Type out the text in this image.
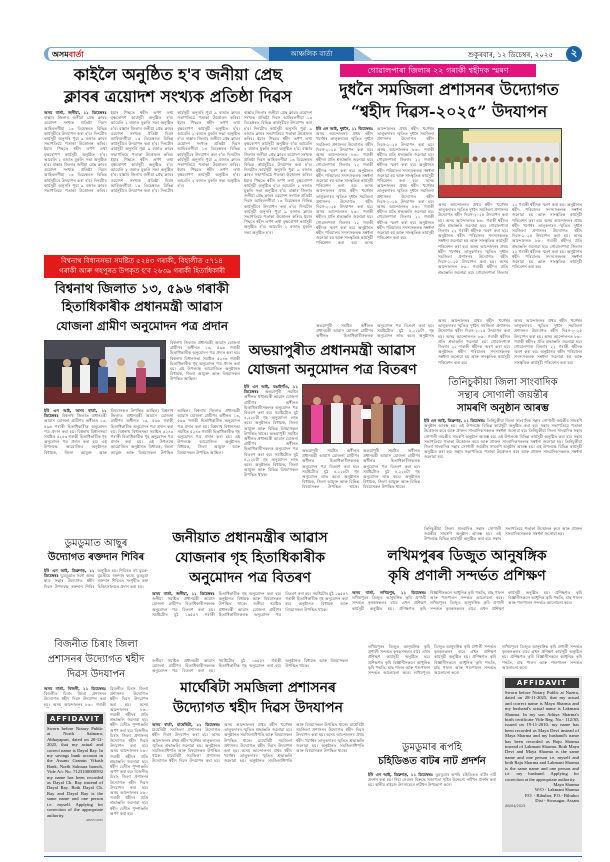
অসমবাৰ্তা	আঞ্চলিক বাৰ্তা	শুকুৰবাৰ, ১২ ডিচেম্বৰ, ২০২৫	২
কাইলৈ অনুষ্ঠিত হ'ব জনীয়া প্ৰেছ
ক্লাবৰ ত্ৰয়োদশ সংখ্যক প্ৰতিষ্ঠা দিৱস
অসম বাৰ্তা, জনীয়া, ১১ ডিচেম্বৰঃ বাক্সাৰ জিলাৰ জনীয়া প্ৰেছ ক্লাবৰ ত্ৰয়োদশ সংখ্যক প্ৰতিষ্ঠা দিৱস আহিবলগীয়া ১৩ ডিচেম্বৰত বিভিন্ন কাৰ্যসূচীৰে উদযাপন কৰা হ'ব। দিনটোৰ কাৰ্যসূচী অনুসৰি পুৱা ৯ বজাত ক্লাবৰ সভাপতিয়ে পতাকা উত্তোলন কৰিব। ইয়াৰ পিছতে শ্বহীদ তৰ্পণ তথা বৃক্ষৰোপণ কাৰ্যসূচী অনুষ্ঠিত হ'ব। আবেলি ২ বজাত মুকলি সভা অনুষ্ঠিত হ'ব। বাক্সাৰ জিলাৰ জনীয়া প্ৰেছ ক্লাবৰ ত্ৰয়োদশ সংখ্যক প্ৰতিষ্ঠা দিৱস আহিবলগীয়া ১৩ ডিচেম্বৰত বিভিন্ন কাৰ্যসূচীৰে উদযাপন কৰা হ'ব। দিনটোৰ কাৰ্যসূচী অনুসৰি পুৱা ৯ বজাত ক্লাবৰ সভাপতিয়ে পতাকা উত্তোলন কৰিব। ইয়াৰ পিছতে শ্বহীদ তৰ্পণ তথা বৃক্ষৰোপণ কাৰ্যসূচী অনুষ্ঠিত হ'ব। আবেলি ২ বজাত মুকলি সভা অনুষ্ঠিত হ'ব। বাক্সাৰ জিলাৰ জনীয়া প্ৰেছ ক্লাবৰ ত্ৰয়োদশ সংখ্যক প্ৰতিষ্ঠা দিৱস আহিবলগীয়া ১৩ ডিচেম্বৰত বিভিন্ন কাৰ্যসূচীৰে উদযাপন কৰা হ'ব। দিনটোৰ কাৰ্যসূচী অনুসৰি পুৱা ৯ বজাত ক্লাবৰ সভাপতিয়ে পতাকা উত্তোলন কৰিব। ইয়াৰ পিছতে শ্বহীদ তৰ্পণ তথা বৃক্ষৰোপণ কাৰ্যসূচী অনুষ্ঠিত হ'ব। আবেলি ২ বজাত মুকলি সভা অনুষ্ঠিত হ'ব। বাক্সাৰ জিলাৰ জনীয়া প্ৰেছ ক্লাবৰ ত্ৰয়োদশ সংখ্যক প্ৰতিষ্ঠা দিৱস আহিবলগীয়া ১৩ ডিচেম্বৰত বিভিন্ন কাৰ্যসূচীৰে উদযাপন কৰা হ'ব। দিনটোৰ কাৰ্যসূচী অনুসৰি পুৱা ৯ বজাত ক্লাবৰ সভাপতিয়ে পতাকা উত্তোলন কৰিব। ইয়াৰ পিছতে শ্বহীদ তৰ্পণ তথা বৃক্ষৰোপণ কাৰ্যসূচী অনুষ্ঠিত হ'ব। আবেলি ২ বজাত মুকলি সভা অনুষ্ঠিত হ'ব। বাক্সাৰ জিলাৰ জনীয়া প্ৰেছ ক্লাবৰ ত্ৰয়োদশ সংখ্যক প্ৰতিষ্ঠা দিৱস আহিবলগীয়া ১৩ ডিচেম্বৰত বিভিন্ন কাৰ্যসূচীৰে উদযাপন কৰা হ'ব। দিনটোৰ কাৰ্যসূচী অনুসৰি পুৱা ৯ বজাত ক্লাবৰ সভাপতিয়ে পতাকা উত্তোলন কৰিব। ইয়াৰ পিছতে শ্বহীদ তৰ্পণ তথা বৃক্ষৰোপণ কাৰ্যসূচী অনুষ্ঠিত হ'ব। আবেলি ২ বজাত মুকলি সভা অনুষ্ঠিত হ'ব।
বাক্সাৰ জিলাৰ জনীয়া প্ৰেছ ক্লাবৰ ত্ৰয়োদশ সংখ্যক প্ৰতিষ্ঠা দিৱস আহিবলগীয়া ১৩ ডিচেম্বৰত বিভিন্ন কাৰ্যসূচীৰে উদযাপন কৰা হ'ব। দিনটোৰ কাৰ্যসূচী অনুসৰি পুৱা ৯ বজাত ক্লাবৰ সভাপতিয়ে পতাকা উত্তোলন কৰিব। ইয়াৰ পিছতে শ্বহীদ তৰ্পণ তথা বৃক্ষৰোপণ কাৰ্যসূচী অনুষ্ঠিত হ'ব। আবেলি ২ বজাত মুকলি সভা অনুষ্ঠিত হ'ব। বাক্সাৰ জিলাৰ জনীয়া প্ৰেছ ক্লাবৰ ত্ৰয়োদশ সংখ্যক প্ৰতিষ্ঠা দিৱস আহিবলগীয়া ১৩ ডিচেম্বৰত বিভিন্ন কাৰ্যসূচীৰে উদযাপন কৰা হ'ব। দিনটোৰ কাৰ্যসূচী অনুসৰি পুৱা ৯ বজাত ক্লাবৰ সভাপতিয়ে পতাকা উত্তোলন কৰিব। ইয়াৰ পিছতে শ্বহীদ তৰ্পণ তথা বৃক্ষৰোপণ কাৰ্যসূচী অনুষ্ঠিত হ'ব। আবেলি ২ বজাত মুকলি সভা অনুষ্ঠিত হ'ব। বাক্সাৰ জিলাৰ জনীয়া প্ৰেছ ক্লাবৰ ত্ৰয়োদশ সংখ্যক প্ৰতিষ্ঠা দিৱস আহিবলগীয়া ১৩ ডিচেম্বৰত বিভিন্ন কাৰ্যসূচীৰে উদযাপন কৰা হ'ব। দিনটোৰ কাৰ্যসূচী অনুসৰি পুৱা ৯ বজাত ক্লাবৰ সভাপতিয়ে পতাকা উত্তোলন কৰিব। ইয়াৰ পিছতে শ্বহীদ তৰ্পণ তথা বৃক্ষৰোপণ কাৰ্যসূচী অনুষ্ঠিত হ'ব। আবেলি ২ বজাত মুকলি সভা অনুষ্ঠিত হ'ব।
বিশ্বনাথ বিধানসভা সমষ্টিত ৫২৪৩ গৰাকী, বিহালীত ৫৭১৪
গৰাকী আৰু গহপুৰত উপকৃত হ'ব ২৬৩৯ গৰাকী হিতাধিকাৰী
বিশ্বনাথ জিলাত ১৩, ৫৯৬ গৰাকী
হিতাধিকাৰীক প্ৰধানমন্ত্ৰী আৱাস
যোজনা গ্ৰামীণ অনুমোদন পত্ৰ প্ৰদান
বিশ্বনাথ জিলাত প্ৰধানমন্ত্ৰী আৱাস যোজনা গ্ৰামীণৰ অধীনত ১৩, ৫৯৬ গৰাকী হিতাধিকাৰীক অনুমোদন পত্ৰ প্ৰদান কৰা হয়। বিশ্বনাথ বিধানসভা সমষ্টিত ৫২৪৩ গৰাকী হিতাধিকাৰীক গৃহ অনুমোদন পত্ৰ প্ৰদান কৰা হয়। এই উপলক্ষে আয়োজিত অনুষ্ঠানত বিধায়ক, জিলা আয়ুক্ত আৰু বিষয়াসকল উপস্থিত আছিল।
ইউ এন আই, অসম বাৰ্তা, ১১ ডিচেম্বৰঃ বিশ্বনাথ জিলাত প্ৰধানমন্ত্ৰী আৱাস যোজনা গ্ৰামীণৰ অধীনত ১৩, ৫৯৬ গৰাকী হিতাধিকাৰীক অনুমোদন পত্ৰ প্ৰদান কৰা হয়। বিশ্বনাথ বিধানসভা সমষ্টিত ৫২৪৩ গৰাকী হিতাধিকাৰীক গৃহ অনুমোদন পত্ৰ প্ৰদান কৰা হয়। এই উপলক্ষে আয়োজিত অনুষ্ঠানত বিধায়ক, জিলা আয়ুক্ত আৰু বিষয়াসকল উপস্থিত আছিল। বিশ্বনাথ জিলাত প্ৰধানমন্ত্ৰী আৱাস যোজনা গ্ৰামীণৰ অধীনত ১৩, ৫৯৬ গৰাকী হিতাধিকাৰীক অনুমোদন পত্ৰ প্ৰদান কৰা হয়। বিশ্বনাথ বিধানসভা সমষ্টিত ৫২৪৩ গৰাকী হিতাধিকাৰীক গৃহ অনুমোদন পত্ৰ প্ৰদান কৰা হয়। এই উপলক্ষে আয়োজিত অনুষ্ঠানত বিধায়ক, জিলা আয়ুক্ত আৰু বিষয়াসকল উপস্থিত আছিল। বিশ্বনাথ জিলাত প্ৰধানমন্ত্ৰী আৱাস যোজনা গ্ৰামীণৰ অধীনত ১৩, ৫৯৬ গৰাকী হিতাধিকাৰীক অনুমোদন পত্ৰ প্ৰদান কৰা হয়। বিশ্বনাথ বিধানসভা সমষ্টিত ৫২৪৩ গৰাকী হিতাধিকাৰীক গৃহ অনুমোদন পত্ৰ প্ৰদান কৰা হয়। এই উপলক্ষে আয়োজিত অনুষ্ঠানত বিধায়ক, জিলা আয়ুক্ত আৰু বিষয়াসকল উপস্থিত আছিল।
গোৱালপাৰা জিলাৰ ২২ গৰাকী শ্বহীদক স্মৰণ
দুধনৈ সমজিলা প্ৰশাসনৰ উদ্যোগত
“শ্বহীদ দিৱস-২০২৫” উদযাপন
ইউ এন আই, দুধনৈ, ১১ ডিচেম্বৰঃ অসম আন্দোলনৰ প্ৰথম শ্বহীদ খৰ্গেশ্বৰ তালুকদাৰৰ স্মৃতিত দুধনৈ সমজিলা প্ৰশাসনৰ উদ্যোগত শ্বহীদ দিৱস-২০২৫ উদযাপন কৰা হয়। অসম আন্দোলনত ৮৬০ গৰাকী শ্বহীদৰ প্ৰতি শ্ৰদ্ধাঞ্জলি জনোৱা হয়। গোৱালপাৰা জিলাৰ ২২ গৰাকী শ্বহীদক স্মৰণ কৰা হয়। অনুষ্ঠানত শ্বহীদ পৰিয়ালৰ সদস্যসকলক সম্বৰ্ধনা জনোৱা হয় আৰু সাংস্কৃতিক কাৰ্যসূচী পৰিবেশন কৰা হয়। অসম আন্দোলনৰ প্ৰথম শ্বহীদ খৰ্গেশ্বৰ তালুকদাৰৰ স্মৃতিত দুধনৈ সমজিলা প্ৰশাসনৰ উদ্যোগত শ্বহীদ দিৱস-২০২৫ উদযাপন কৰা হয়। অসম আন্দোলনত ৮৬০ গৰাকী শ্বহীদৰ প্ৰতি শ্ৰদ্ধাঞ্জলি জনোৱা হয়। গোৱালপাৰা জিলাৰ ২২ গৰাকী শ্বহীদক স্মৰণ কৰা হয়। অনুষ্ঠানত শ্বহীদ পৰিয়ালৰ সদস্যসকলক সম্বৰ্ধনা জনোৱা হয় আৰু সাংস্কৃতিক কাৰ্যসূচী পৰিবেশন কৰা হয়। অসম আন্দোলনৰ প্ৰথম শ্বহীদ খৰ্গেশ্বৰ তালুকদাৰৰ স্মৃতিত দুধনৈ সমজিলা প্ৰশাসনৰ উদ্যোগত শ্বহীদ দিৱস-২০২৫ উদযাপন কৰা হয়। অসম আন্দোলনত ৮৬০ গৰাকী শ্বহীদৰ প্ৰতি শ্ৰদ্ধাঞ্জলি জনোৱা হয়। গোৱালপাৰা জিলাৰ ২২ গৰাকী শ্বহীদক স্মৰণ কৰা হয়। অনুষ্ঠানত শ্বহীদ পৰিয়ালৰ সদস্যসকলক সম্বৰ্ধনা জনোৱা হয় আৰু সাংস্কৃতিক কাৰ্যসূচী পৰিবেশন কৰা হয়। অসম আন্দোলনৰ প্ৰথম শ্বহীদ খৰ্গেশ্বৰ তালুকদাৰৰ স্মৃতিত দুধনৈ সমজিলা প্ৰশাসনৰ উদ্যোগত শ্বহীদ দিৱস-২০২৫ উদযাপন কৰা হয়। অসম আন্দোলনত ৮৬০ গৰাকী শ্বহীদৰ প্ৰতি শ্ৰদ্ধাঞ্জলি জনোৱা হয়। গোৱালপাৰা জিলাৰ ২২ গৰাকী শ্বহীদক স্মৰণ কৰা হয়। অনুষ্ঠানত শ্বহীদ পৰিয়ালৰ সদস্যসকলক সম্বৰ্ধনা জনোৱা হয় আৰু সাংস্কৃতিক কাৰ্যসূচী পৰিবেশন কৰা হয়।
অসম আন্দোলনৰ প্ৰথম শ্বহীদ খৰ্গেশ্বৰ তালুকদাৰৰ স্মৃতিত দুধনৈ সমজিলা প্ৰশাসনৰ উদ্যোগত শ্বহীদ দিৱস-২০২৫ উদযাপন কৰা হয়। অসম আন্দোলনত ৮৬০ গৰাকী শ্বহীদৰ প্ৰতি শ্ৰদ্ধাঞ্জলি জনোৱা হয়। গোৱালপাৰা জিলাৰ ২২ গৰাকী শ্বহীদক স্মৰণ কৰা হয়। অনুষ্ঠানত শ্বহীদ পৰিয়ালৰ সদস্যসকলক সম্বৰ্ধনা জনোৱা হয় আৰু সাংস্কৃতিক কাৰ্যসূচী পৰিবেশন কৰা হয়। অসম আন্দোলনৰ প্ৰথম শ্বহীদ খৰ্গেশ্বৰ তালুকদাৰৰ স্মৃতিত দুধনৈ সমজিলা প্ৰশাসনৰ উদ্যোগত শ্বহীদ দিৱস-২০২৫ উদযাপন কৰা হয়। অসম আন্দোলনত ৮৬০ গৰাকী শ্বহীদৰ প্ৰতি শ্ৰদ্ধাঞ্জলি জনোৱা হয়। গোৱালপাৰা জিলাৰ ২২ গৰাকী শ্বহীদক স্মৰণ কৰা হয়। অনুষ্ঠানত শ্বহীদ পৰিয়ালৰ সদস্যসকলক সম্বৰ্ধনা জনোৱা হয় আৰু সাংস্কৃতিক কাৰ্যসূচী পৰিবেশন কৰা হয়। অসম আন্দোলনৰ প্ৰথম শ্বহীদ খৰ্গেশ্বৰ তালুকদাৰৰ স্মৃতিত দুধনৈ সমজিলা প্ৰশাসনৰ উদ্যোগত শ্বহীদ দিৱস-২০২৫ উদযাপন কৰা হয়। অসম আন্দোলনত ৮৬০ গৰাকী শ্বহীদৰ প্ৰতি শ্ৰদ্ধাঞ্জলি জনোৱা হয়। গোৱালপাৰা জিলাৰ ২২ গৰাকী শ্বহীদক স্মৰণ কৰা হয়। অনুষ্ঠানত শ্বহীদ পৰিয়ালৰ সদস্যসকলক সম্বৰ্ধনা জনোৱা হয় আৰু সাংস্কৃতিক কাৰ্যসূচী পৰিবেশন কৰা হয়।
অসম আন্দোলনৰ প্ৰথম শ্বহীদ খৰ্গেশ্বৰ তালুকদাৰৰ স্মৃতিত দুধনৈ সমজিলা প্ৰশাসনৰ উদ্যোগত শ্বহীদ দিৱস-২০২৫ উদযাপন কৰা হয়। অসম আন্দোলনত ৮৬০ গৰাকী শ্বহীদৰ প্ৰতি শ্ৰদ্ধাঞ্জলি জনোৱা হয়। গোৱালপাৰা জিলাৰ ২২ গৰাকী শ্বহীদক স্মৰণ কৰা হয়। অনুষ্ঠানত শ্বহীদ পৰিয়ালৰ সদস্যসকলক সম্বৰ্ধনা জনোৱা হয় আৰু সাংস্কৃতিক কাৰ্যসূচী পৰিবেশন কৰা হয়।
অসম আন্দোলনৰ প্ৰথম শ্বহীদ খৰ্গেশ্বৰ তালুকদাৰৰ স্মৃতিত দুধনৈ সমজিলা প্ৰশাসনৰ উদ্যোগত শ্বহীদ দিৱস-২০২৫ উদযাপন কৰা হয়। অসম আন্দোলনত ৮৬০ গৰাকী শ্বহীদৰ প্ৰতি শ্ৰদ্ধাঞ্জলি জনোৱা হয়। গোৱালপাৰা জিলাৰ ২২ গৰাকী শ্বহীদক স্মৰণ কৰা হয়। অনুষ্ঠানত শ্বহীদ পৰিয়ালৰ সদস্যসকলক সম্বৰ্ধনা জনোৱা হয় আৰু সাংস্কৃতিক কাৰ্যসূচী পৰিবেশন কৰা হয়।
অভয়াপুৰী সমষ্টিৰ অধীনত প্ৰধানমন্ত্ৰী আৱাস যোজনা গ্ৰামীণৰ অধীনত হিতাধিকাৰীসকলক অনুমোদন পত্ৰ বিতৰণ কৰা হয়। সমষ্টিটোত মুঠ ৪,২২৮টা গৃহ অনুমোদন লাভ কৰে। অনুষ্ঠানত
অভয়াপুৰীত প্ৰধানমন্ত্ৰী আৱাস
যোজনা অনুমোদন পত্ৰ বিতৰণ
ইউ এন আই, বঙাইগাঁও, ১১ ডিচেম্বৰঃ অভয়াপুৰী সমষ্টিৰ অধীনত প্ৰধানমন্ত্ৰী আৱাস যোজনা গ্ৰামীণৰ অধীনত হিতাধিকাৰীসকলক অনুমোদন পত্ৰ বিতৰণ কৰা হয়। সমষ্টিটোত মুঠ ৪,২২৮টা গৃহ অনুমোদন লাভ কৰে। অনুষ্ঠানত বিধায়ক, জিলা আয়ুক্ত আৰু বিভিন্ন বিষয়াসকল উপস্থিত থাকে। অভয়াপুৰী সমষ্টিৰ অধীনত প্ৰধানমন্ত্ৰী আৱাস যোজনা গ্ৰামীণৰ অধীনত হিতাধিকাৰীসকলক অনুমোদন পত্ৰ বিতৰণ কৰা হয়। সমষ্টিটোত মুঠ ৪,২২৮টা গৃহ অনুমোদন লাভ কৰে। অনুষ্ঠানত বিধায়ক, জিলা আয়ুক্ত আৰু বিভিন্ন বিষয়াসকল উপস্থিত থাকে।
অভয়াপুৰী সমষ্টিৰ অধীনত প্ৰধানমন্ত্ৰী আৱাস যোজনা গ্ৰামীণৰ অধীনত হিতাধিকাৰীসকলক অনুমোদন পত্ৰ বিতৰণ কৰা হয়। সমষ্টিটোত মুঠ ৪,২২৮টা গৃহ অনুমোদন লাভ কৰে। অনুষ্ঠানত বিধায়ক, জিলা আয়ুক্ত আৰু বিভিন্ন বিষয়াসকল উপস্থিত থাকে। অভয়াপুৰী সমষ্টিৰ অধীনত প্ৰধানমন্ত্ৰী আৱাস যোজনা গ্ৰামীণৰ অধীনত হিতাধিকাৰীসকলক অনুমোদন পত্ৰ বিতৰণ কৰা হয়। সমষ্টিটোত মুঠ ৪,২২৮টা গৃহ অনুমোদন লাভ কৰে। অনুষ্ঠানত বিধায়ক, জিলা আয়ুক্ত আৰু বিভিন্ন বিষয়াসকল উপস্থিত থাকে।
তিনিচুকীয়া জিলা সাংবাদিক
সন্থাৰ সোণালী জয়ন্তীৰ
সামৰণি অনুষ্ঠান আৰম্ভ
ইউ এন আই, ডিব্ৰুগড়, ১১ ডিচেম্বৰঃ তিনিচুকীয়া জিলা সাংবাদিক সন্থাৰ সোণালী জয়ন্তীৰ সামৰণি অনুষ্ঠান আৰম্ভ হয়। এই উপলক্ষে বিভিন্ন কাৰ্যসূচী অনুষ্ঠিত কৰা হয়। সন্থাৰ সভাপতিয়ে পতাকা উত্তোলন কৰে আৰু প্ৰাক্তন সাংবাদিকসকলক সম্বৰ্ধনা জনোৱা হয়। তিনিচুকীয়া জিলা সাংবাদিক সন্থাৰ সোণালী জয়ন্তীৰ সামৰণি অনুষ্ঠান আৰম্ভ হয়। এই উপলক্ষে বিভিন্ন কাৰ্যসূচী অনুষ্ঠিত কৰা হয়। সন্থাৰ সভাপতিয়ে পতাকা উত্তোলন কৰে আৰু প্ৰাক্তন সাংবাদিকসকলক সম্বৰ্ধনা জনোৱা হয়। তিনিচুকীয়া জিলা সাংবাদিক সন্থাৰ সোণালী জয়ন্তীৰ সামৰণি অনুষ্ঠান আৰম্ভ হয়। এই উপলক্ষে বিভিন্ন কাৰ্যসূচী অনুষ্ঠিত কৰা হয়। সন্থাৰ সভাপতিয়ে পতাকা উত্তোলন কৰে আৰু প্ৰাক্তন সাংবাদিকসকলক সম্বৰ্ধনা জনোৱা হয়।
ডুমডুমাত আছুৰ
উদ্যোগত ৰক্তদান শিবিৰ
ইউ এন আই, ডিব্ৰুগড়, ১১ ডিচেম্বৰঃ ডুমডুমাত সদৌ অসম ছাত্ৰ সন্থাৰ উদ্যোগত শ্বহীদ দিৱস উপলক্ষে ৰক্তদান শিবিৰ অনুষ্ঠিত হয়। শিবিৰত বহু যুৱক-যুৱতীয়ে ৰক্তদান কৰে। ডুমডুমা ৰক্তদান শিবিৰত সংগৃহীত ৰক্ত চিকিৎসালয়ত প্ৰদান কৰা হয়।
জনীয়াত প্ৰধানমন্ত্ৰীৰ আৱাস
যোজনাৰ গৃহ হিতাধিকাৰীক
অনুমোদন পত্ৰ বিতৰণ
অসম বাৰ্তা, জনীয়া, ১১ ডিচেম্বৰঃ জনীয়া সমষ্টিত প্ৰধানমন্ত্ৰী আৱাস যোজনা গ্ৰামীণৰ হিতাধিকাৰীসকলক অনুমোদন পত্ৰ বিতৰণ কৰা হয়। সমষ্টিটোৰ মুঠ ১৬৫৫৭ গৰাকী হিতাধিকাৰীক গৃহ অনুমোদন কৰা হয়। অনুষ্ঠানত বিধায়ক আৰু বিষয়াসকল উপস্থিত থাকে। জনীয়া সমষ্টিত প্ৰধানমন্ত্ৰী আৱাস যোজনা গ্ৰামীণৰ হিতাধিকাৰীসকলক অনুমোদন পত্ৰ বিতৰণ কৰা হয়। সমষ্টিটোৰ মুঠ ১৬৫৫৭ গৰাকী হিতাধিকাৰীক গৃহ অনুমোদন কৰা হয়। অনুষ্ঠানত বিধায়ক আৰু বিষয়াসকল উপস্থিত থাকে।
জনীয়া সমষ্টিত প্ৰধানমন্ত্ৰী আৱাস যোজনা গ্ৰামীণৰ হিতাধিকাৰীসকলক অনুমোদন পত্ৰ বিতৰণ কৰা হয়। সমষ্টিটোৰ মুঠ ১৬৫৫৭ গৰাকী হিতাধিকাৰীক গৃহ অনুমোদন কৰা হয়। অনুষ্ঠানত বিধায়ক আৰু বিষয়াসকল উপস্থিত থাকে।
তিনিচুকীয়া জিলা সাংবাদিক সন্থাৰ সোণালী জয়ন্তীৰ সামৰণি অনুষ্ঠান আৰম্ভ হয়। এই উপলক্ষে বিভিন্ন কাৰ্যসূচী অনুষ্ঠিত কৰা হয়। সন্থাৰ সভাপতিয়ে পতাকা উত্তোলন কৰে আৰু প্ৰাক্তন সাংবাদিকসকলক সম্বৰ্ধনা জনোৱা হয়।
লখিমপুৰৰ ডিজুত আনুষঙ্গিক
কৃষি প্ৰণালী সন্দৰ্ভত প্ৰশিক্ষণ
অসম বাৰ্তা, লখিমপুৰ, ১১ ডিচেম্বৰঃ লখিমপুৰৰ ডিজুত আনুষঙ্গিক কৃষি প্ৰণালী সন্দৰ্ভত কৃষকসকলৰ বাবে এখন প্ৰশিক্ষণ কাৰ্যসূচী অনুষ্ঠিত হয়। প্ৰশিক্ষণত কৃষি বিজ্ঞানীসকলে আধুনিক কৃষি পদ্ধতি, মাছ পালন আৰু পশুপালন সন্দৰ্ভত আলোচনা কৰে। লখিমপুৰৰ ডিজুত আনুষঙ্গিক কৃষি প্ৰণালী সন্দৰ্ভত কৃষকসকলৰ বাবে এখন প্ৰশিক্ষণ কাৰ্যসূচী অনুষ্ঠিত হয়। প্ৰশিক্ষণত কৃষি বিজ্ঞানীসকলে আধুনিক কৃষি পদ্ধতি, মাছ পালন আৰু পশুপালন সন্দৰ্ভত আলোচনা কৰে।
লখিমপুৰৰ ডিজুত আনুষঙ্গিক কৃষি প্ৰণালী সন্দৰ্ভত কৃষকসকলৰ বাবে এখন প্ৰশিক্ষণ কাৰ্যসূচী অনুষ্ঠিত হয়। প্ৰশিক্ষণত কৃষি বিজ্ঞানীসকলে আধুনিক কৃষি পদ্ধতি, মাছ পালন আৰু পশুপালন সন্দৰ্ভত আলোচনা কৰে। লখিমপুৰৰ ডিজুত আনুষঙ্গিক কৃষি প্ৰণালী সন্দৰ্ভত কৃষকসকলৰ বাবে এখন প্ৰশিক্ষণ কাৰ্যসূচী অনুষ্ঠিত হয়। প্ৰশিক্ষণত কৃষি বিজ্ঞানীসকলে আধুনিক কৃষি পদ্ধতি, মাছ পালন আৰু পশুপালন সন্দৰ্ভত আলোচনা কৰে।
লখিমপুৰৰ ডিজুত আনুষঙ্গিক কৃষি প্ৰণালী সন্দৰ্ভত কৃষকসকলৰ বাবে এখন প্ৰশিক্ষণ কাৰ্যসূচী অনুষ্ঠিত হয়। প্ৰশিক্ষণত কৃষি বিজ্ঞানীসকলে আধুনিক কৃষি পদ্ধতি, মাছ পালন আৰু পশুপালন সন্দৰ্ভত আলোচনা কৰে।
বিজনীত চিৰাং জিলা
প্ৰশাসনৰ উদ্যোগত শ্বহীদ
দিৱস উদযাপন
অসম বাৰ্তা, বিজনী, ১১ ডিচেম্বৰঃ বিজনীত চিৰাং জিলা প্ৰশাসনৰ উদ্যোগত শ্বহীদ দিৱস উদযাপন কৰা হয়। অসম আন্দোলনৰ ৮৬০ গৰাকী
বিজনীত চিৰাং জিলা প্ৰশাসনৰ উদ্যোগত শ্বহীদ দিৱস উদযাপন কৰা হয়। অসম আন্দোলনৰ ৮৬০ গৰাকী শ্বহীদৰ প্ৰতি শ্ৰদ্ধাঞ্জলি জনোৱা হয়। শ্বহীদ বেদীত পুষ্পাঞ্জলি অৰ্পণ কৰা হয়। বিজনীত চিৰাং জিলা প্ৰশাসনৰ উদ্যোগত শ্বহীদ দিৱস উদযাপন কৰা হয়। অসম আন্দোলনৰ ৮৬০ গৰাকী শ্বহীদৰ প্ৰতি শ্ৰদ্ধাঞ্জলি জনোৱা হয়। শ্বহীদ বেদীত পুষ্পাঞ্জলি অৰ্পণ কৰা হয়। বিজনীত চিৰাং জিলা প্ৰশাসনৰ উদ্যোগত শ্বহীদ দিৱস উদযাপন কৰা হয়। অসম আন্দোলনৰ ৮৬০ গৰাকী শ্বহীদৰ প্ৰতি শ্ৰদ্ধাঞ্জলি জনোৱা হয়। শ্বহীদ বেদীত পুষ্পাঞ্জলি অৰ্পণ কৰা হয়।
AFFIDAVIT
Sworn before Notary Public at North Salmara, Abhayapuri, dated on 20-12-2025, that my actual and correct name is Dayal Ray. In my savings bank account in the Assam Gramin Vikash Bank, North Salmara branch, Vide A/c No. 7123100000592 my name has been recorded as Dayal Ch. Ray instead of Dayal Ray. Both Dayal Ch. Ray and Dayal Ray is the same name and one person i.e. myself. Applying for correction of the appropriate authority.
AB/05/2025
মাৰ্ঘেৰিটা সমজিলা প্ৰশাসনৰ
উদ্যোগত শ্বহীদ দিৱস উদযাপন
অসম বাৰ্তা, মাৰ্ঘেৰিটা, ১১ ডিচেম্বৰঃ মাৰ্ঘেৰিটা সমজিলা প্ৰশাসনৰ উদ্যোগত শ্বহীদ দিৱস উদযাপন কৰা হয়। অসম আন্দোলনৰ প্ৰথম শ্বহীদ খৰ্গেশ্বৰ তালুকদাৰৰ স্মৃতিত শ্ৰদ্ধাঞ্জলি জনোৱা হয়। অনুষ্ঠানত সমজিলাধিপতি আৰু বিষয়াসকল উপস্থিত থাকে। মাৰ্ঘেৰিটা সমজিলা প্ৰশাসনৰ উদ্যোগত শ্বহীদ দিৱস উদযাপন কৰা হয়। অসম আন্দোলনৰ প্ৰথম শ্বহীদ খৰ্গেশ্বৰ তালুকদাৰৰ স্মৃতিত শ্ৰদ্ধাঞ্জলি জনোৱা হয়। অনুষ্ঠানত সমজিলাধিপতি আৰু বিষয়াসকল উপস্থিত থাকে। মাৰ্ঘেৰিটা সমজিলা প্ৰশাসনৰ উদ্যোগত শ্বহীদ দিৱস উদযাপন কৰা হয়। অসম আন্দোলনৰ প্ৰথম শ্বহীদ খৰ্গেশ্বৰ তালুকদাৰৰ স্মৃতিত শ্ৰদ্ধাঞ্জলি জনোৱা হয়। অনুষ্ঠানত সমজিলাধিপতি আৰু বিষয়াসকল উপস্থিত থাকে। মাৰ্ঘেৰিটা সমজিলা প্ৰশাসনৰ উদ্যোগত শ্বহীদ দিৱস উদযাপন কৰা হয়। অসম আন্দোলনৰ প্ৰথম শ্বহীদ খৰ্গেশ্বৰ তালুকদাৰৰ স্মৃতিত শ্ৰদ্ধাঞ্জলি জনোৱা হয়। অনুষ্ঠানত সমজিলাধিপতি আৰু বিষয়াসকল উপস্থিত থাকে।	ডুমডুমাৰ ৰূপহি
চহিডিঙত বাটৰ নাট প্ৰদৰ্শন
ইউ এন আই, ডিব্ৰুগড়, ১১ ডিচেম্বৰঃ ডুমডুমাৰ ৰূপহি চহিডিঙত বাটৰ নাট প্ৰদৰ্শন কৰা হয়। নিচা সেৱনৰ বিৰুদ্ধে সজাগতা সৃষ্টিৰ উদ্দেশ্যে নাটখন প্ৰদৰ্শন কৰা হয়। স্থানীয় ৰাইজে উৎসাহেৰে নাটখন উপভোগ কৰে।
AFFIDAVIT
Sworn before Notary Public at Nazira, dated on 28-11-2025, that my actual and correct name is Maya Sharma and my husband's actual name is Lakmani Sharma. In my son Aditya Sharma's birth certificate Vide Reg. No.- 112/30, issued on 19-11-2010, my name has been recorded as Maya Devi instead of Maya Sharma and my husband's name has been recorded as Raju Sharma instead of Lakmani Sharma. Both Maya Devi and Maya Sharma is the same name and one person i.e. myself and both Raju Sharma and Lakmani Sharma is the same name and one person and i.e. my husband. Applying for correction at the appropriate authority.
Maya Sharma
W/O - Lakmani Sharma
P.O. - Bihubor, P.O.- Bihubor
Dist - Sivasagar, Assam
AB/04/2025
